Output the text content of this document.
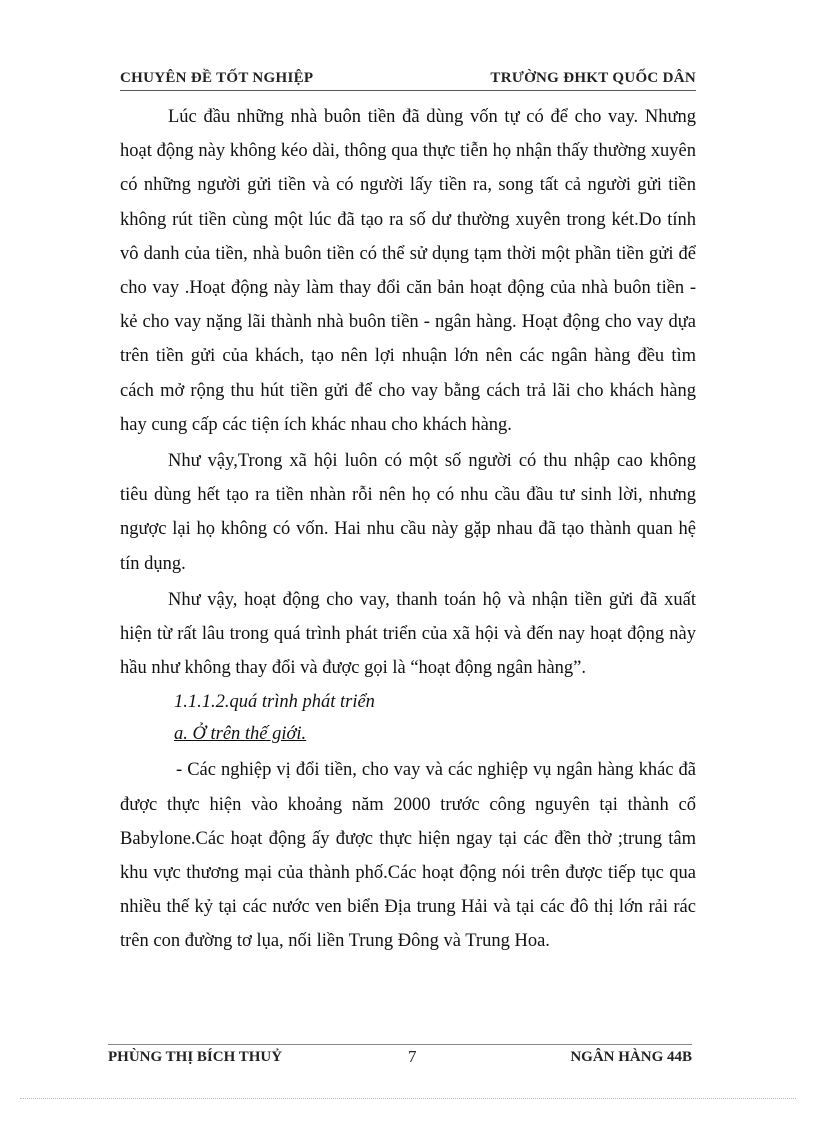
CHUYÊN ĐỀ TỐT NGHIỆP	TRƯỜNG ĐHKT QUỐC DÂN

Lúc đầu những nhà buôn tiền đã dùng vốn tự có để cho vay. Nhưng hoạt động này không kéo dài, thông qua thực tiễn họ nhận thấy thường xuyên có những người gửi tiền và có người lấy tiền ra, song tất cả người gửi tiền không rút tiền cùng một lúc đã tạo ra số dư thường xuyên trong két.Do tính vô danh của tiền, nhà buôn tiền có thể sử dụng tạm thời một phần tiền gửi để cho vay .Hoạt động này làm thay đổi căn bản hoạt động của nhà buôn tiền - kẻ cho vay nặng lãi thành nhà buôn tiền - ngân hàng. Hoạt động cho vay dựa trên tiền gửi của khách, tạo nên lợi nhuận lớn nên các ngân hàng đều tìm cách mở rộng thu hút tiền gửi để cho vay bằng cách trả lãi cho khách hàng hay cung cấp các tiện ích khác nhau cho khách hàng.

Như vậy,Trong xã hội luôn có một số người có thu nhập cao không tiêu dùng hết tạo ra tiền nhàn rỗi nên họ có nhu cầu đầu tư sinh lời, nhưng ngược lại họ không có vốn. Hai nhu cầu này gặp nhau đã tạo thành quan hệ tín dụng.

Như vậy, hoạt động cho vay, thanh toán hộ và nhận tiền gửi đã xuất hiện từ rất lâu trong quá trình phát triển của xã hội và đến nay hoạt động này hầu như không thay đổi và được gọi là “hoạt động ngân hàng”.

1.1.1.2.quá trình phát triển

a. Ở trên thế giới.

- Các nghiệp vị đổi tiền, cho vay và các nghiệp vụ ngân hàng khác đã được thực hiện vào khoảng năm 2000 trước công nguyên tại thành cổ Babylone.Các hoạt động ấy được thực hiện ngay tại các đền thờ ;trung tâm khu vực thương mại của thành phố.Các hoạt động nói trên được tiếp tục qua nhiều thế kỷ tại các nước ven biển Địa trung Hải và tại các đô thị lớn rải rác trên con đường tơ lụa, nối liền Trung Đông và Trung Hoa.

PHÙNG THỊ BÍCH THUỶ	7	NGÂN HÀNG 44B
